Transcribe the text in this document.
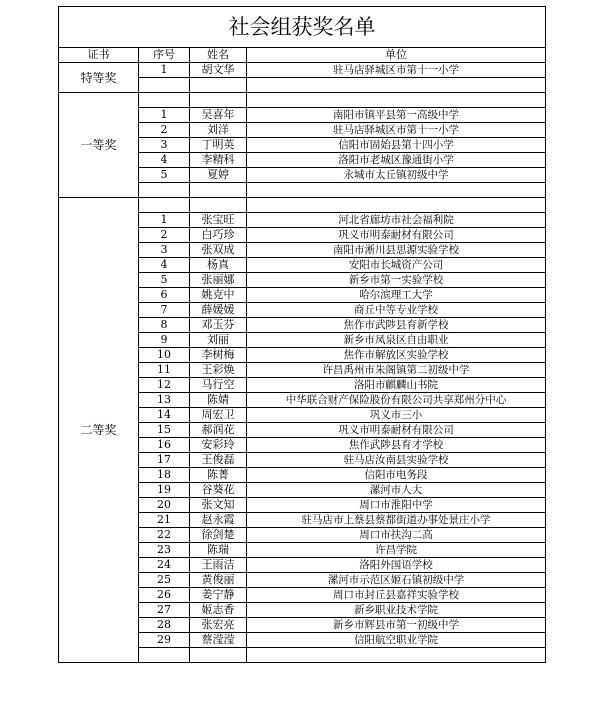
社会组获奖名单			
证书	序号	姓名	单位
特等奖	1	胡文华	驻马店驿城区市第十一小学

一等奖			
	1	吴喜年	南阳市镇平县第一高级中学
	2	刘洋	驻马店驿城区市第十一小学
	3	丁明英	信阳市固始县第十四小学
	4	李精科	洛阳市老城区豫通街小学
	5	夏婷	永城市太丘镇初级中学

二等奖			
	1	张宝旺	河北省廊坊市社会福利院
	2	白巧珍	巩义市明泰耐材有限公司
	3	张双成	南阳市淅川县思源实验学校
	4	杨真	安阳市长城资产公司
	5	张丽娜	新乡市第一实验学校
	6	姚克中	哈尔滨理工大学
	7	薛媛媛	商丘中等专业学校
	8	邓玉芬	焦作市武陟县育新学校
	9	刘丽	新乡市凤泉区自由职业
	10	李树梅	焦作市解放区实验学校
	11	王彩焕	许昌禹州市朱阁镇第二初级中学
	12	马行空	洛阳市麒麟山书院
	13	陈婧	中华联合财产保险股份有限公司共享郑州分中心
	14	周宏卫	巩义市三小
	15	郝润花	巩义市明泰耐材有限公司
	16	安彩玲	焦作武陟县育才学校
	17	王俊磊	驻马店汝南县实验学校
	18	陈菁	信阳市电务段
	19	谷葵花	漯河市人大
	20	张文知	周口市淮阳中学
	21	赵永霞	驻马店市上蔡县蔡都街道办事处景庄小学
	22	徐剑楚	周口市扶沟二高
	23	陈瑞	许昌学院
	24	王雨洁	洛阳外国语学校
	25	黄俊丽	漯河市示范区姬石镇初级中学
	26	姜宁静	周口市封丘县嘉祥实验学校
	27	姬志香	新乡职业技术学院
	28	张宏亮	新乡市辉县市第一初级中学
	29	蔡滢滢	信阳航空职业学院
